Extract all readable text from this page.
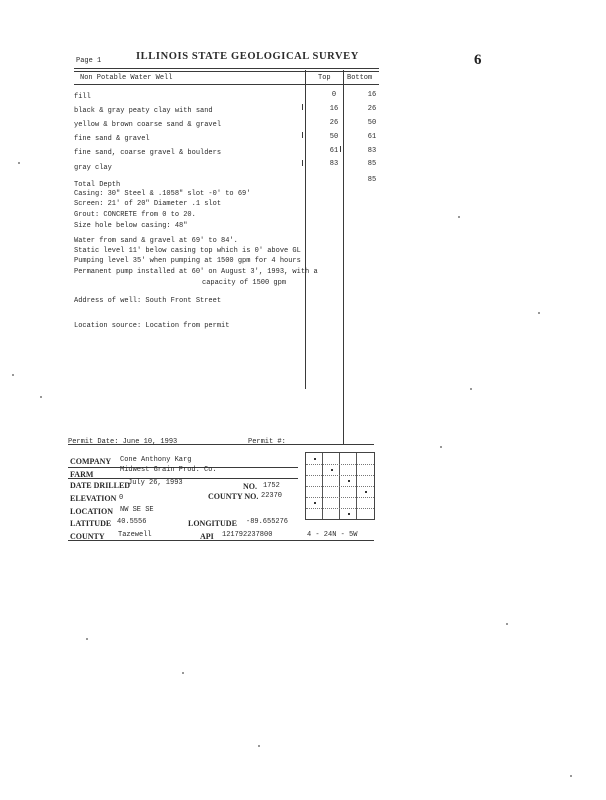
6
Page 1	ILLINOIS STATE GEOLOGICAL SURVEY
Non Potable Water Well	Top Bottom
fill	0	16
black & gray peaty clay with sand	16	26
yellow & brown coarse sand & gravel	26	50
fine sand & gravel	50	61
fine sand, coarse gravel & boulders	61	83
gray clay	83	85
Total Depth
85
Casing: 30" Steel & .1058" slot -0' to 69'
Screen: 21' of 20" Diameter .1 slot
Grout: CONCRETE from 0 to 20.
Size hole below casing: 48"
Water from sand & gravel at 69' to 84'.
Static level 11' below casing top which is 0' above GL
Pumping level 35' when pumping at 1500 gpm for 4 hours
Permanent pump installed at 60' on August 3', 1993, with a
capacity of 1500 gpm
Address of well: South Front Street
Location source: Location from permit
Permit Date: June 10, 1993	Permit #:
COMPANY Cone Anthony Karg
FARM	Midwest Grain Prod. Co.
DATE DRILLED
July 26, 1993	NO. 1752
ELEVATION 0	COUNTY NO. 22370
LOCATION NW SE SE
LATITUDE 40.5556	LONGITUDE -89.655276
COUNTY Tazewell	API 121792237800	4 - 24N - 5W
